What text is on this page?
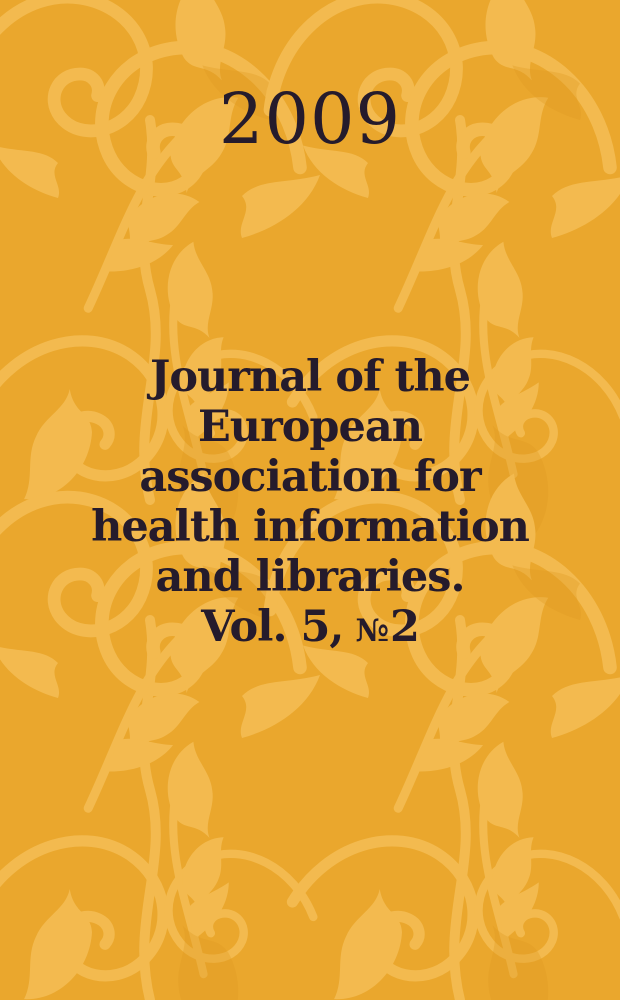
2009
Journal of the
European
association for
health information
and libraries.
Vol. 5, №2
